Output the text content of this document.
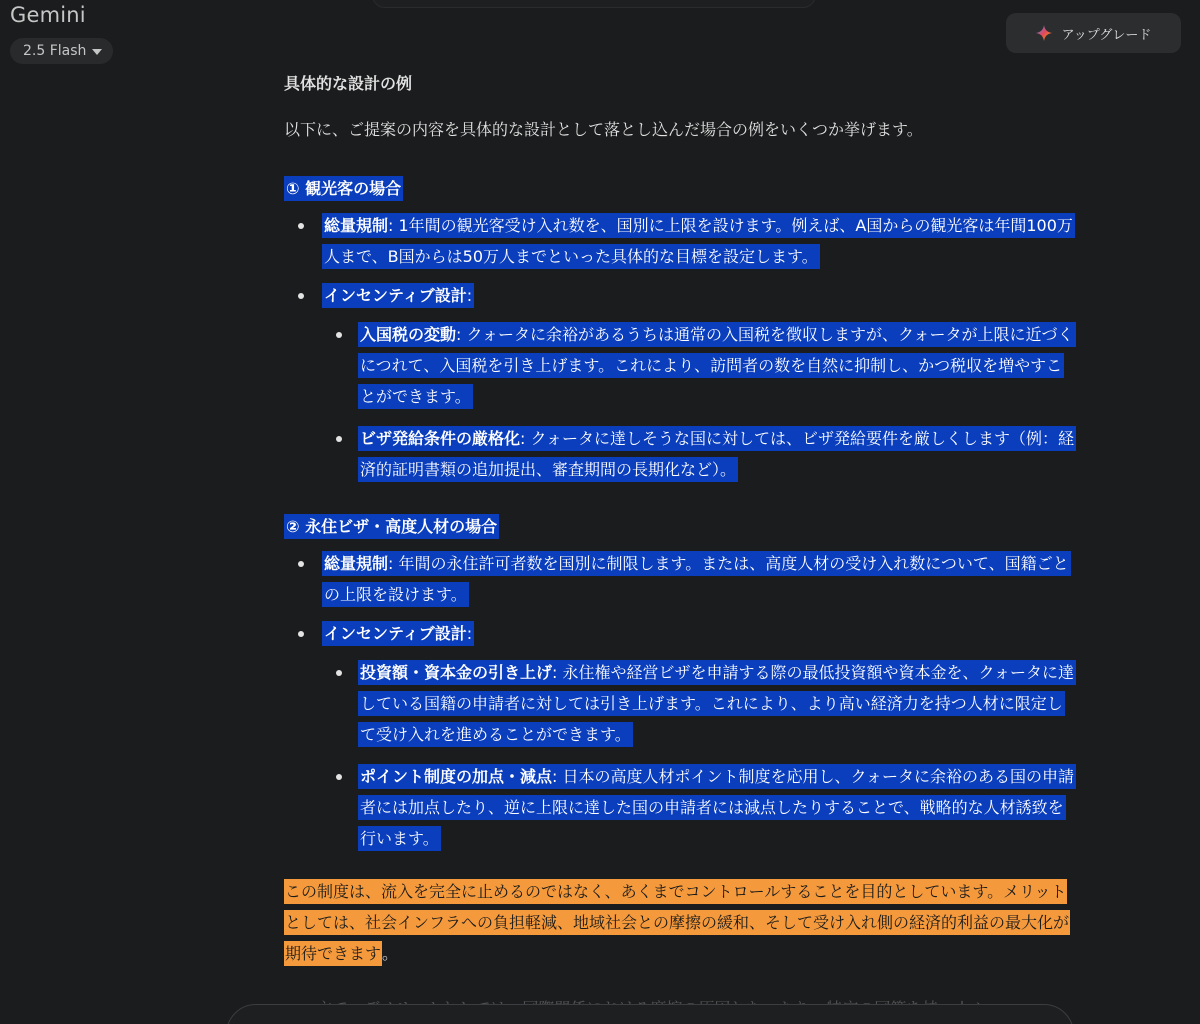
Gemini
2.5 Flash
アップグレード

具体的な設計の例

以下に、ご提案の内容を具体的な設計として落とし込んだ場合の例をいくつか挙げます。

① 観光客の場合

総量規制: 1年間の観光客受け入れ数を、国別に上限を設けます。例えば、A国からの観光客は年間100万人まで、B国からは50万人までといった具体的な目標を設定します。
インセンティブ設計:
入国税の変動: クォータに余裕があるうちは通常の入国税を徴収しますが、クォータが上限に近づくにつれて、入国税を引き上げます。これにより、訪問者の数を自然に抑制し、かつ税収を増やすことができます。
ビザ発給条件の厳格化: クォータに達しそうな国に対しては、ビザ発給要件を厳しくします（例：経済的証明書類の追加提出、審査期間の長期化など）。

② 永住ビザ・高度人材の場合

総量規制: 年間の永住許可者数を国別に制限します。または、高度人材の受け入れ数について、国籍ごとの上限を設けます。
インセンティブ設計:
投資額・資本金の引き上げ: 永住権や経営ビザを申請する際の最低投資額や資本金を、クォータに達している国籍の申請者に対しては引き上げます。これにより、より高い経済力を持つ人材に限定して受け入れを進めることができます。
ポイント制度の加点・減点: 日本の高度人材ポイント制度を応用し、クォータに余裕のある国の申請者には加点したり、逆に上限に達した国の申請者には減点したりすることで、戦略的な人材誘致を行います。

この制度は、流入を完全に止めるのではなく、あくまでコントロールすることを目的としています。メリットとしては、社会インフラへの負担軽減、地域社会との摩擦の緩和、そして受け入れ側の経済的利益の最大化が期待できます。
